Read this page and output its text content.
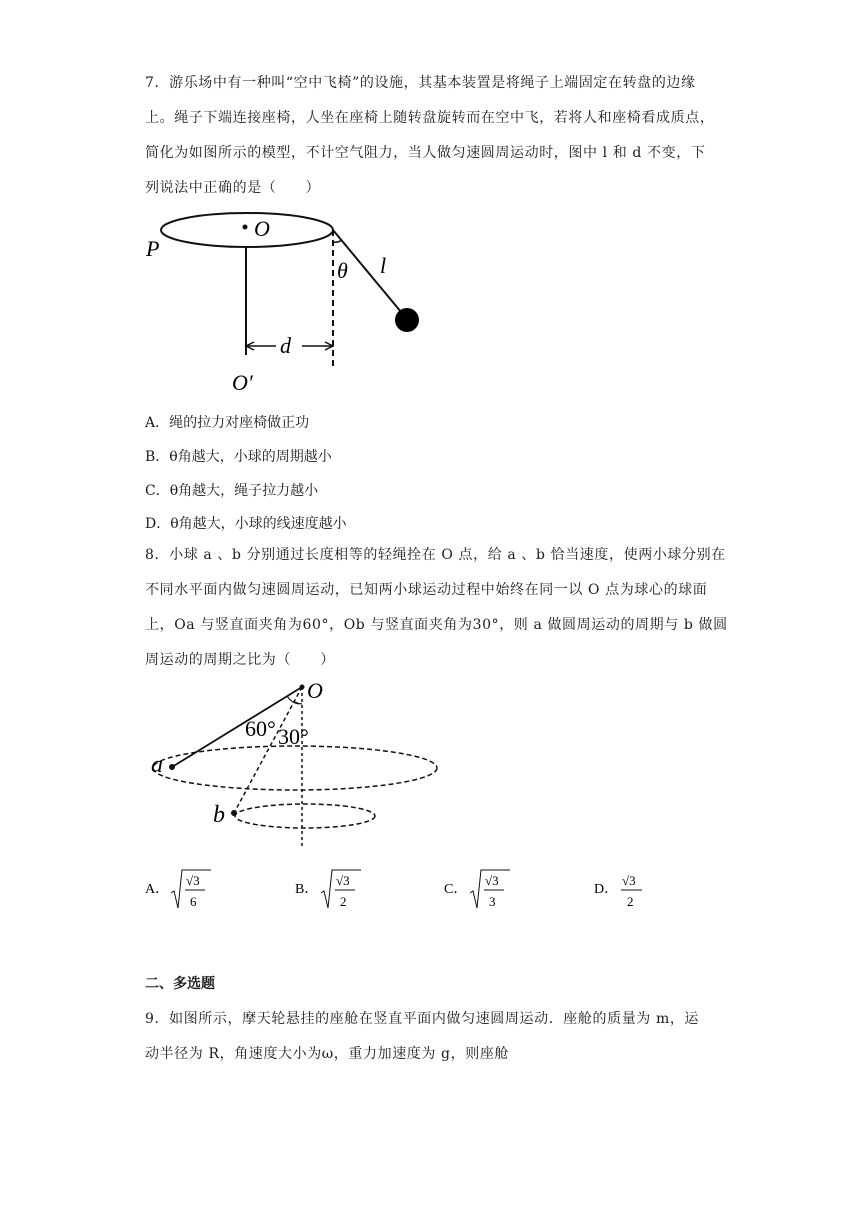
7．游乐场中有一种叫“空中飞椅”的设施，其基本装置是将绳子上端固定在转盘的边缘
上。绳子下端连接座椅，人坐在座椅上随转盘旋转而在空中飞，若将人和座椅看成质点，
简化为如图所示的模型，不计空气阻力，当人做匀速圆周运动时，图中 l 和 d 不变，下
列说法中正确的是（　　）
O
P
θ l
d
O′
A．绳的拉力对座椅做正功
B．θ角越大，小球的周期越小
C．θ角越大，绳子拉力越小
D．θ角越大，小球的线速度越小
8．小球 a 、b 分别通过长度相等的轻绳拴在 O 点，给 a 、b 恰当速度，使两小球分别在
不同水平面内做匀速圆周运动，已知两小球运动过程中始终在同一以 O 点为球心的球面
上，Oa 与竖直面夹角为60°，Ob 与竖直面夹角为30°，则 a 做圆周运动的周期与 b 做圆
周运动的周期之比为（　　）
O
a
b
60° 30°
A．
√3
6
B．
√3
2
C．
√3
3
D．
√3
2
二、多选题
9．如图所示，摩天轮悬挂的座舱在竖直平面内做匀速圆周运动．座舱的质量为 m，运
动半径为 R，角速度大小为ω，重力加速度为 g，则座舱
